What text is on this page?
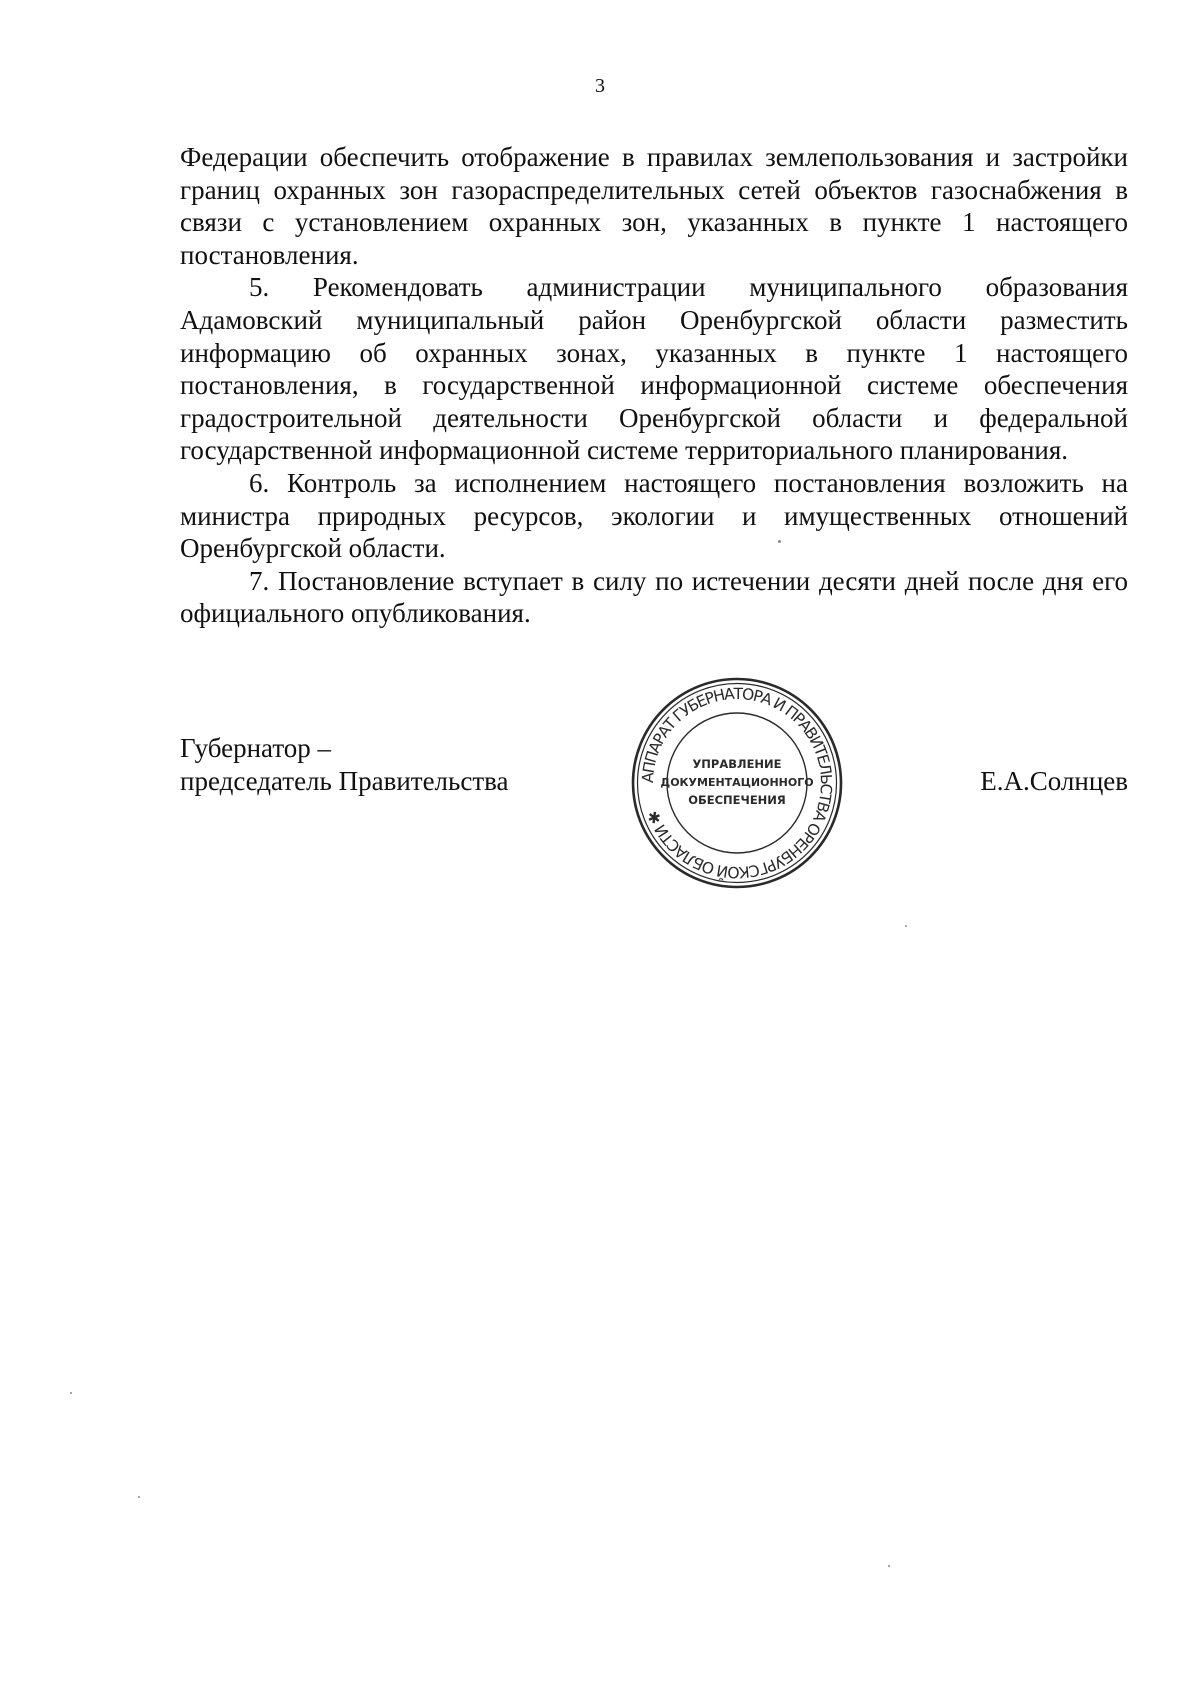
3

Федерации обеспечить отображение в правилах землепользования и застройки границ охранных зон газораспределительных сетей объектов газоснабжения в связи с установлением охранных зон, указанных в пункте 1 настоящего постановления.

5. Рекомендовать администрации муниципального образования Адамовский муниципальный район Оренбургской области разместить информацию об охранных зонах, указанных в пункте 1 настоящего постановления, в государственной информационной системе обеспечения градостроительной деятельности Оренбургской области и федеральной государственной информационной системе территориального планирования.

6. Контроль за исполнением настоящего постановления возложить на министра природных ресурсов, экологии и имущественных отношений Оренбургской области.

7. Постановление вступает в силу по истечении десяти дней после дня его официального опубликования.

Губернатор –
председатель Правительства	Е.А.Солнцев
АППАРАТ ГУБЕРНАТОРА И ПРАВИТЕЛЬСТВА ОРЕНБУРГСКОЙ ОБЛАСТИ ✱
УПРАВЛЕНИЕ
ДОКУМЕНТАЦИОННОГО
ОБЕСПЕЧЕНИЯ
